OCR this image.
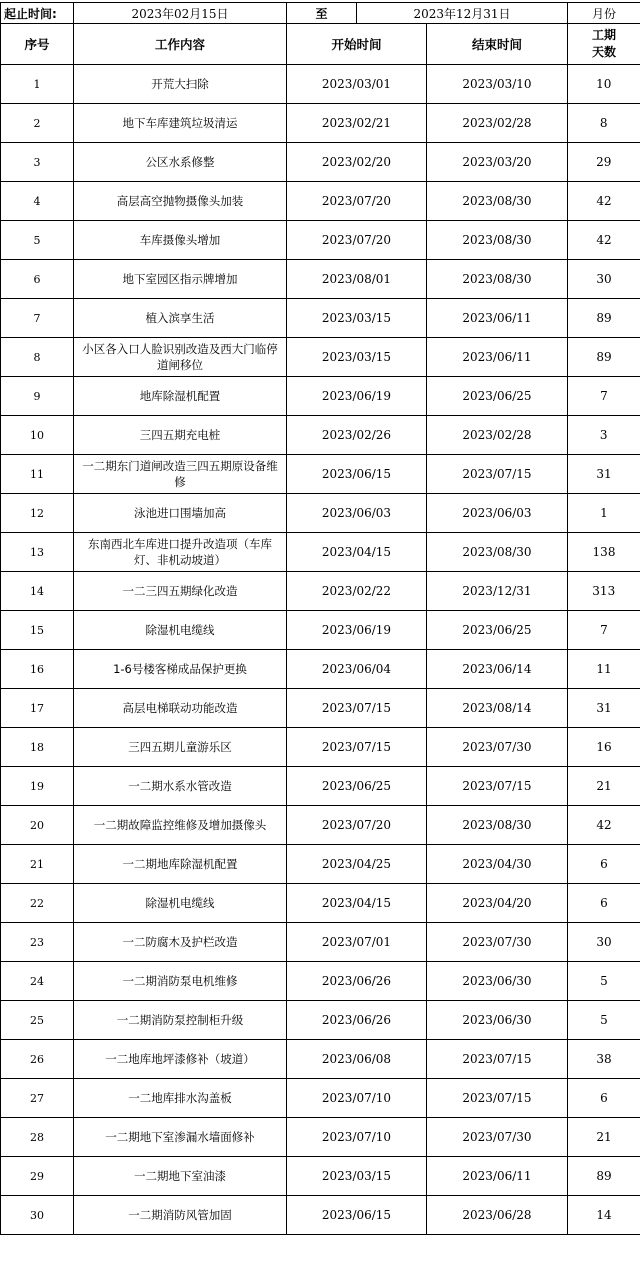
起止时间:	2023年02月15日	至	2023年12月31日	月份
序号	工作内容	开始时间	结束时间	工期
天数
1	开荒大扫除	2023/03/01	2023/03/10	10
2	地下车库建筑垃圾清运	2023/02/21	2023/02/28	8
3	公区水系修整	2023/02/20	2023/03/20	29
4	高层高空抛物摄像头加装	2023/07/20	2023/08/30	42
5	车库摄像头增加	2023/07/20	2023/08/30	42
6	地下室园区指示牌增加	2023/08/01	2023/08/30	30
7	植入滨享生活	2023/03/15	2023/06/11	89
8	小区各入口人脸识别改造及西大门临停道闸移位	2023/03/15	2023/06/11	89
9	地库除湿机配置	2023/06/19	2023/06/25	7
10	三四五期充电桩	2023/02/26	2023/02/28	3
11	一二期东门道闸改造三四五期原设备维修	2023/06/15	2023/07/15	31
12	泳池进口围墙加高	2023/06/03	2023/06/03	1
13	东南西北车库进口提升改造项（车库灯、非机动坡道）	2023/04/15	2023/08/30	138
14	一二三四五期绿化改造	2023/02/22	2023/12/31	313
15	除湿机电缆线	2023/06/19	2023/06/25	7
16	1-6号楼客梯成品保护更换	2023/06/04	2023/06/14	11
17	高层电梯联动功能改造	2023/07/15	2023/08/14	31
18	三四五期儿童游乐区	2023/07/15	2023/07/30	16
19	一二期水系水管改造	2023/06/25	2023/07/15	21
20	一二期故障监控维修及增加摄像头	2023/07/20	2023/08/30	42
21	一二期地库除湿机配置	2023/04/25	2023/04/30	6
22	除湿机电缆线	2023/04/15	2023/04/20	6
23	一二防腐木及护栏改造	2023/07/01	2023/07/30	30
24	一二期消防泵电机维修	2023/06/26	2023/06/30	5
25	一二期消防泵控制柜升级	2023/06/26	2023/06/30	5
26	一二地库地坪漆修补（坡道）	2023/06/08	2023/07/15	38
27	一二地库排水沟盖板	2023/07/10	2023/07/15	6
28	一二期地下室渗漏水墙面修补	2023/07/10	2023/07/30	21
29	一二期地下室油漆	2023/03/15	2023/06/11	89
30	一二期消防风管加固	2023/06/15	2023/06/28	14
